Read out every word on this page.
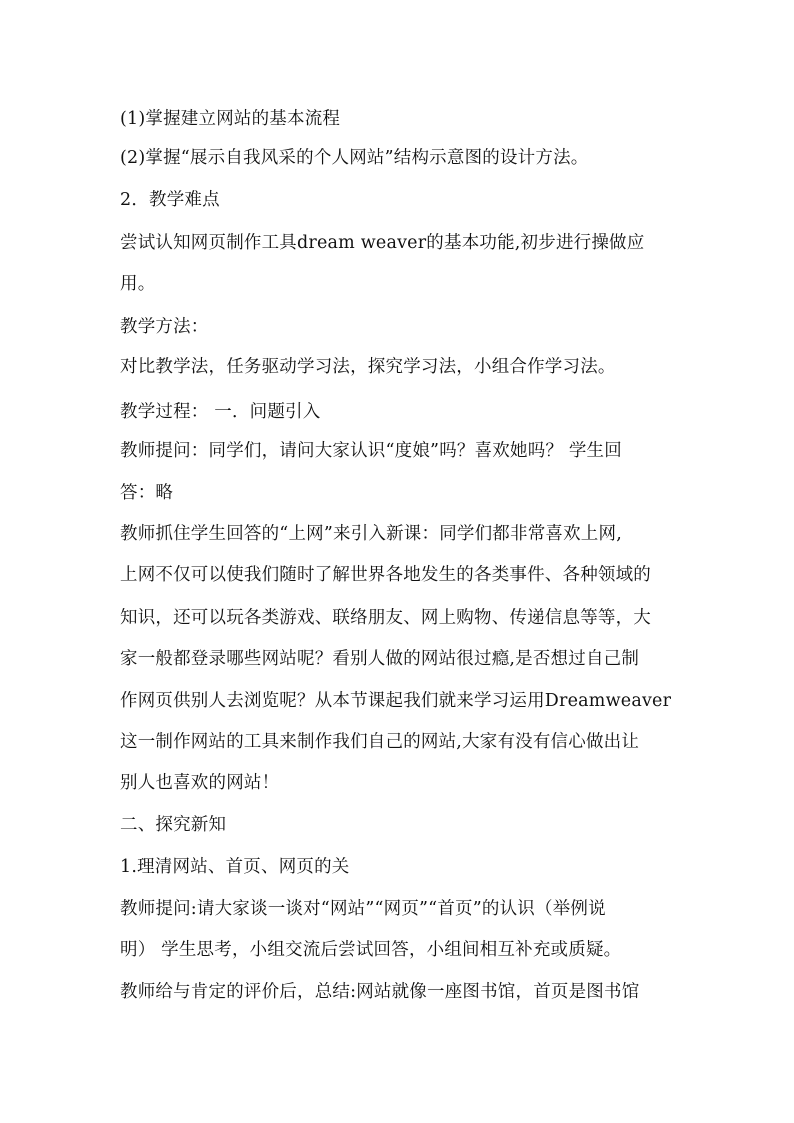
(1)掌握建立网站的基本流程
(2)掌握“展示自我风采的个人网站”结构示意图的设计方法。
2．教学难点
尝试认知网页制作工具dream weaver的基本功能,初步进行操做应
用。
教学方法：
对比教学法，任务驱动学习法，探究学习法，小组合作学习法。
教学过程： 一．问题引入
教师提问：同学们，请问大家认识“度娘”吗？喜欢她吗？ 学生回
答：略
教师抓住学生回答的“上网”来引入新课：同学们都非常喜欢上网,
上网不仅可以使我们随时了解世界各地发生的各类事件、各种领域的
知识，还可以玩各类游戏、联络朋友、网上购物、传递信息等等，大
家一般都登录哪些网站呢？看别人做的网站很过瘾,是否想过自己制
作网页供别人去浏览呢？从本节课起我们就来学习运用Dreamweaver
这一制作网站的工具来制作我们自己的网站,大家有没有信心做出让
别人也喜欢的网站！
二、探究新知
1.理清网站、首页、网页的关
教师提问:请大家谈一谈对“网站”“网页”“首页”的认识（举例说
明） 学生思考，小组交流后尝试回答，小组间相互补充或质疑。
教师给与肯定的评价后，总结:网站就像一座图书馆，首页是图书馆
